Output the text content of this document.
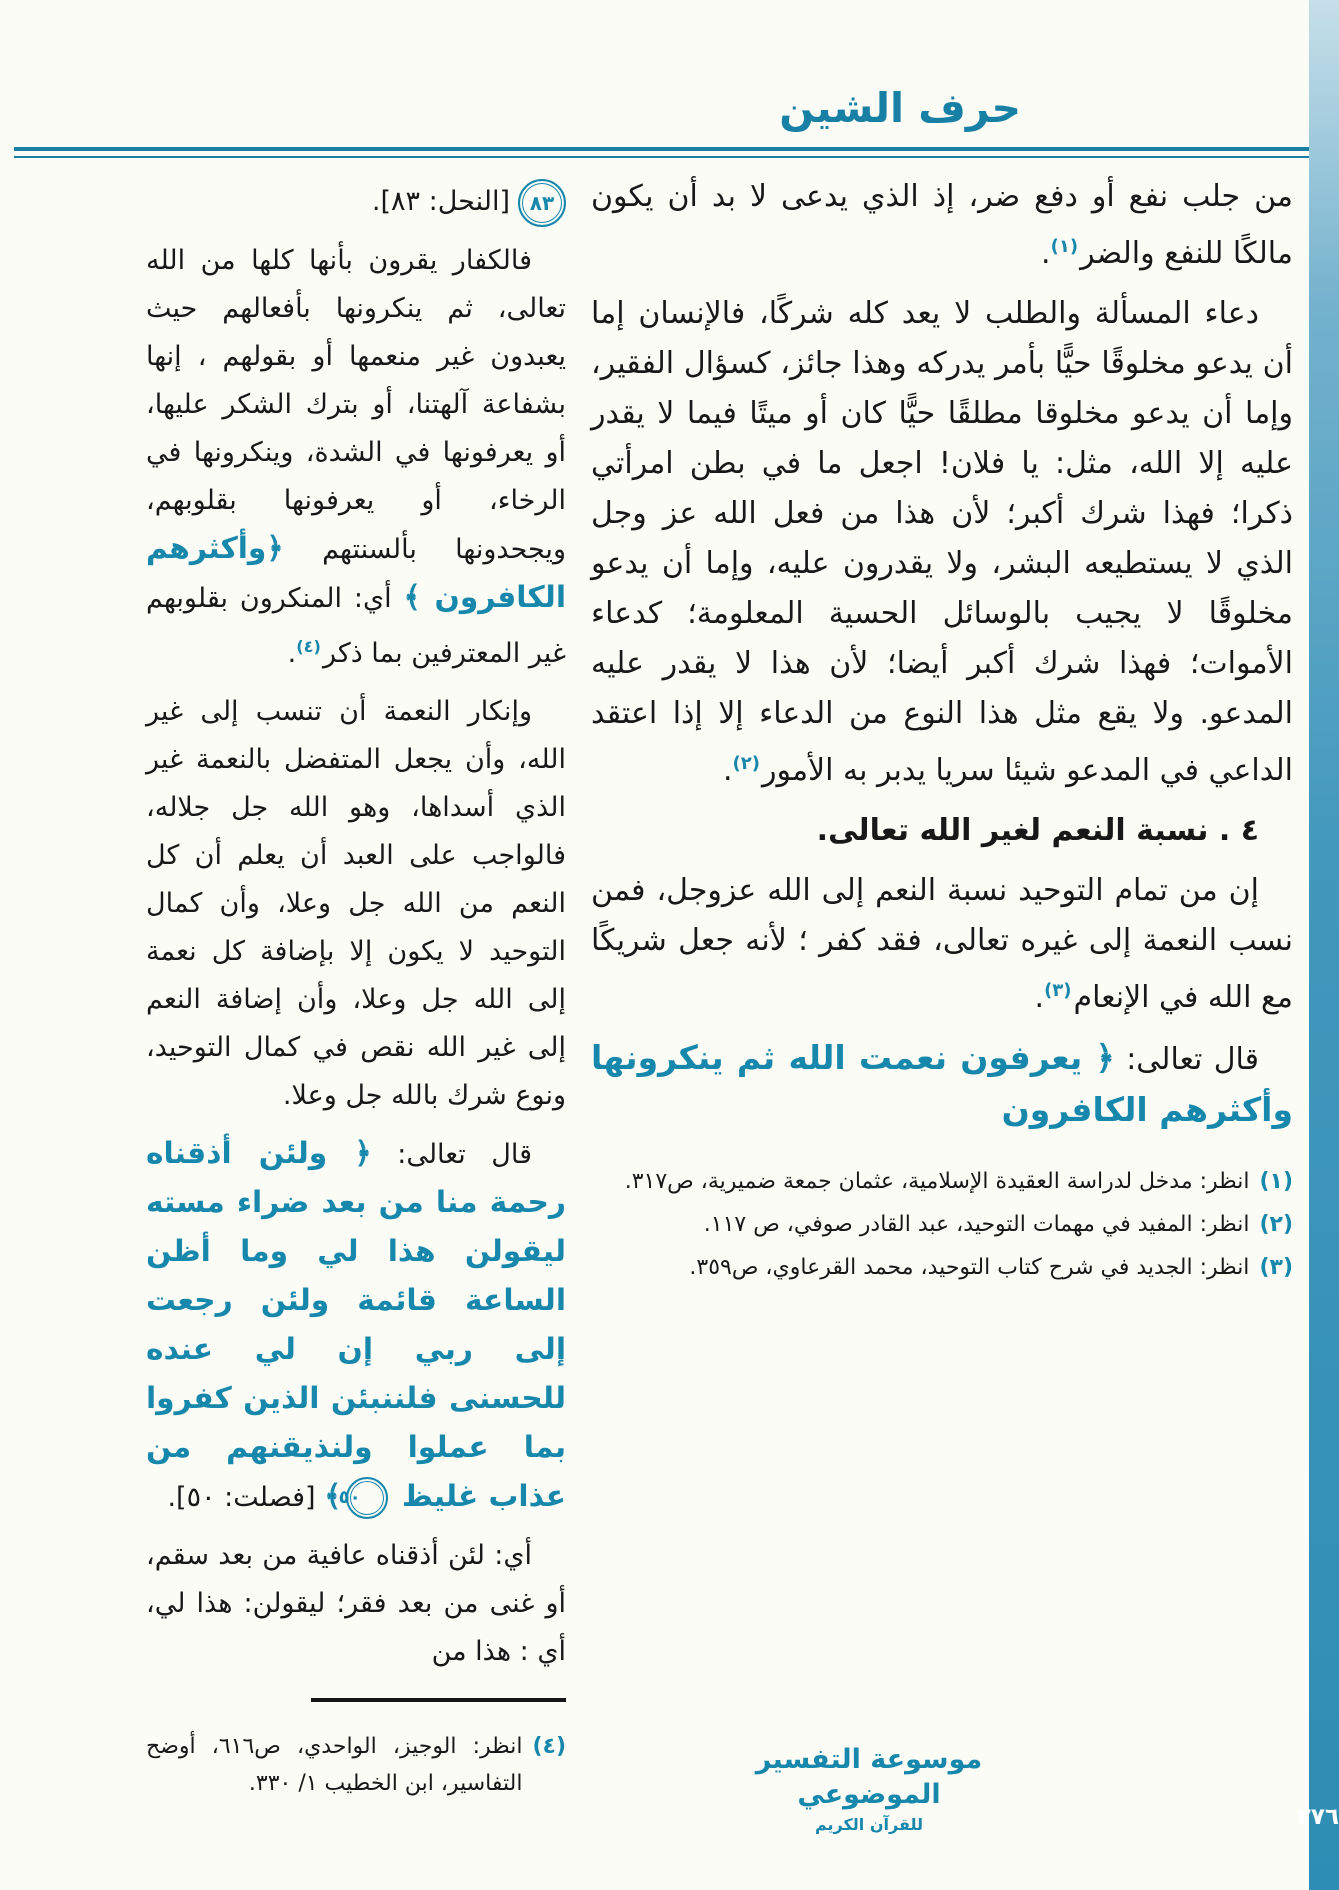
٢٧٦
حرف الشين

من جلب نفع أو دفع ضر، إذ الذي يدعى لا بد أن يكون مالكًا للنفع والضر$^{(١)}$.

دعاء المسألة والطلب لا يعد كله شركًا، فالإنسان إما أن يدعو مخلوقًا حيًّا بأمر يدركه وهذا جائز، كسؤال الفقير، وإما أن يدعو مخلوقا مطلقًا حيًّا كان أو ميتًا فيما لا يقدر عليه إلا الله، مثل: يا فلان! اجعل ما في بطن امرأتي ذكرا؛ فهذا شرك أكبر؛ لأن هذا من فعل الله عز وجل الذي لا يستطيعه البشر، ولا يقدرون عليه، وإما أن يدعو مخلوقًا لا يجيب بالوسائل الحسية المعلومة؛ كدعاء الأموات؛ فهذا شرك أكبر أيضا؛ لأن هذا لا يقدر عليه المدعو. ولا يقع مثل هذا النوع من الدعاء إلا إذا اعتقد الداعي في المدعو شيئا سريا يدبر به الأمور$^{(٢)}$.

٤ . نسبة النعم لغير الله تعالى.

إن من تمام التوحيد نسبة النعم إلى الله عزوجل، فمن نسب النعمة إلى غيره تعالى، فقد كفر ؛ لأنه جعل شريكًا مع الله في الإنعام$^{(٣)}$.

قال تعالى: ﴿ يعرفون نعمت الله ثم ينكرونها وأكثرهم الكافرون

(١)
انظر: مدخل لدراسة العقيدة الإسلامية، عثمان جمعة ضميرية، ص٣١٧.
(٢)
انظر: المفيد في مهمات التوحيد، عبد القادر صوفي، ص ١١٧.
(٣)
انظر: الجديد في شرح كتاب التوحيد، محمد القرعاوي، ص٣٥٩.

٨٣[النحل: ٨٣].

فالكفار يقرون بأنها كلها من الله تعالى، ثم ينكرونها بأفعالهم حيث يعبدون غير منعمها أو بقولهم ، إنها بشفاعة آلهتنا، أو بترك الشكر عليها، أو يعرفونها في الشدة، وينكرونها في الرخاء، أو يعرفونها بقلوبهم، ويجحدونها بألسنتهم ﴿وأكثرهم الكافرون ﴾ أي: المنكرون بقلوبهم غير المعترفين بما ذكر$^{(٤)}$.

وإنكار النعمة أن تنسب إلى غير الله، وأن يجعل المتفضل بالنعمة غير الذي أسداها، وهو الله جل جلاله، فالواجب على العبد أن يعلم أن كل النعم من الله جل وعلا، وأن كمال التوحيد لا يكون إلا بإضافة كل نعمة إلى الله جل وعلا، وأن إضافة النعم إلى غير الله نقص في كمال التوحيد، ونوع شرك بالله جل وعلا.

قال تعالى: ﴿ ولئن أذقناه رحمة منا من بعد ضراء مسته ليقولن هذا لي وما أظن الساعة قائمة ولئن رجعت إلى ربي إن لي عنده للحسنى فلننبئن الذين كفروا بما عملوا ولنذيقنهم من عذاب غليظ ٥٠﴾ [فصلت: ٥٠].

أي: لئن أذقناه عافية من بعد سقم، أو غنى من بعد فقر؛ ليقولن: هذا لي، أي : هذا من

(٤)
انظر: الوجيز، الواحدي، ص٦١٦، أوضح التفاسير، ابن الخطيب ١/ ٣٣٠.
موسوعة التفسير الموضوعي
للقرآن الكريم
